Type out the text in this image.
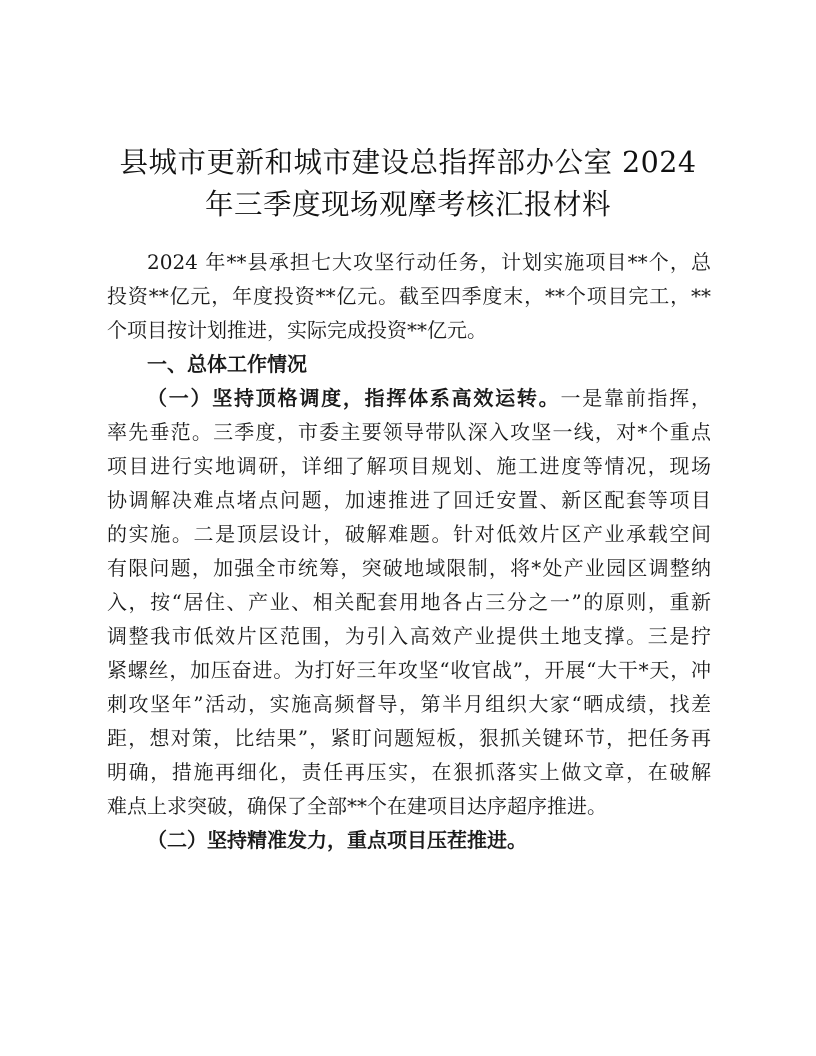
县城市更新和城市建设总指挥部办公室 2024
年三季度现场观摩考核汇报材料
2024 年**县承担七大攻坚行动任务，计划实施项目**个，总
投资**亿元，年度投资**亿元。截至四季度末，**个项目完工，**
个项目按计划推进，实际完成投资**亿元。
一、总体工作情况
（一）坚持顶格调度，指挥体系高效运转。一是靠前指挥，
率先垂范。三季度，市委主要领导带队深入攻坚一线，对*个重点
项目进行实地调研，详细了解项目规划、施工进度等情况，现场
协调解决难点堵点问题，加速推进了回迁安置、新区配套等项目
的实施。二是顶层设计，破解难题。针对低效片区产业承载空间
有限问题，加强全市统筹，突破地域限制，将*处产业园区调整纳
入，按“居住、产业、相关配套用地各占三分之一”的原则，重新
调整我市低效片区范围，为引入高效产业提供土地支撑。三是拧
紧螺丝，加压奋进。为打好三年攻坚“收官战”，开展“大干*天，冲
刺攻坚年”活动，实施高频督导，第半月组织大家“晒成绩，找差
距，想对策，比结果”，紧盯问题短板，狠抓关键环节，把任务再
明确，措施再细化，责任再压实，在狠抓落实上做文章，在破解
难点上求突破，确保了全部**个在建项目达序超序推进。
（二）坚持精准发力，重点项目压茬推进。
